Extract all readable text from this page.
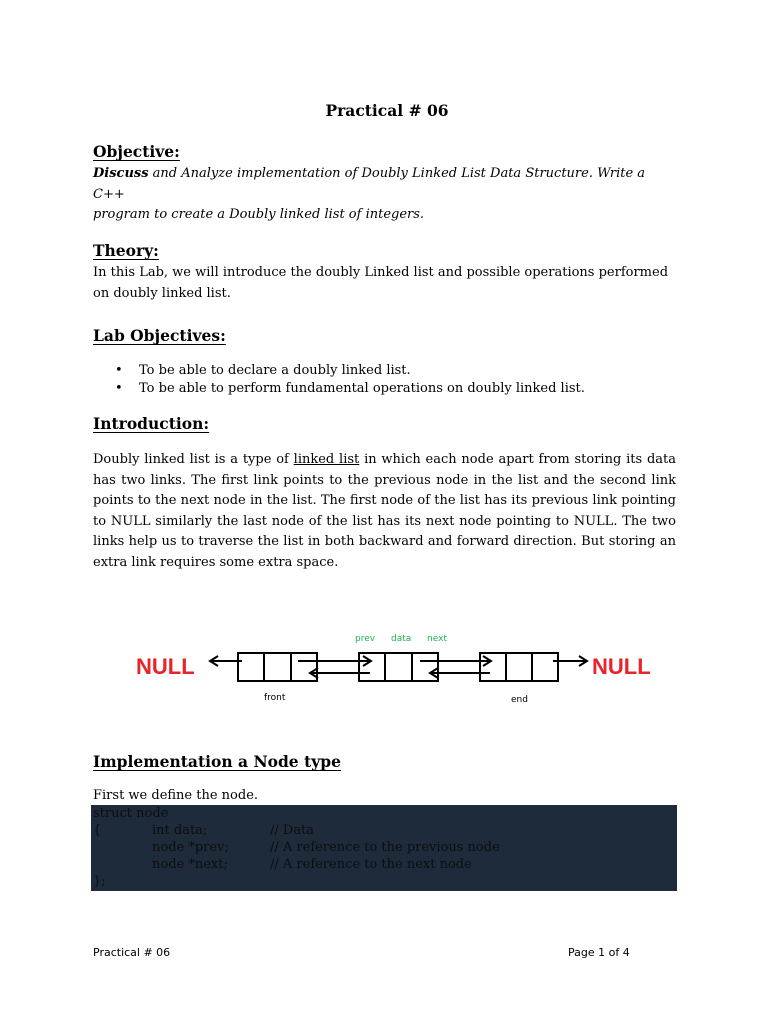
Practical # 06
Objective:
Discuss and Analyze implementation of Doubly Linked List Data Structure. Write a C++
program to create a Doubly linked list of integers.
Theory:
In this Lab, we will introduce the doubly Linked list and possible operations performed
on doubly linked list.
Lab Objectives:
• To be able to declare a doubly linked list.
• To be able to perform fundamental operations on doubly linked list.
Introduction:
Doubly linked list is a type of linked list in which each node apart from storing its data has two links. The first link points to the previous node in the list and the second link points to the next node in the list. The first node of the list has its previous link pointing to NULL similarly the last node of the list has its next node pointing to NULL. The two links help us to traverse the list in both backward and forward direction. But storing an extra link requires some extra space.
NULL	NULL
prev data next
front	end
Implementation a Node type
First we define the node.
struct node
{	int data;	// Data
node *prev;	// A reference to the previous node
node *next;	// A reference to the next node
};
Practical # 06	Page 1 of 4
